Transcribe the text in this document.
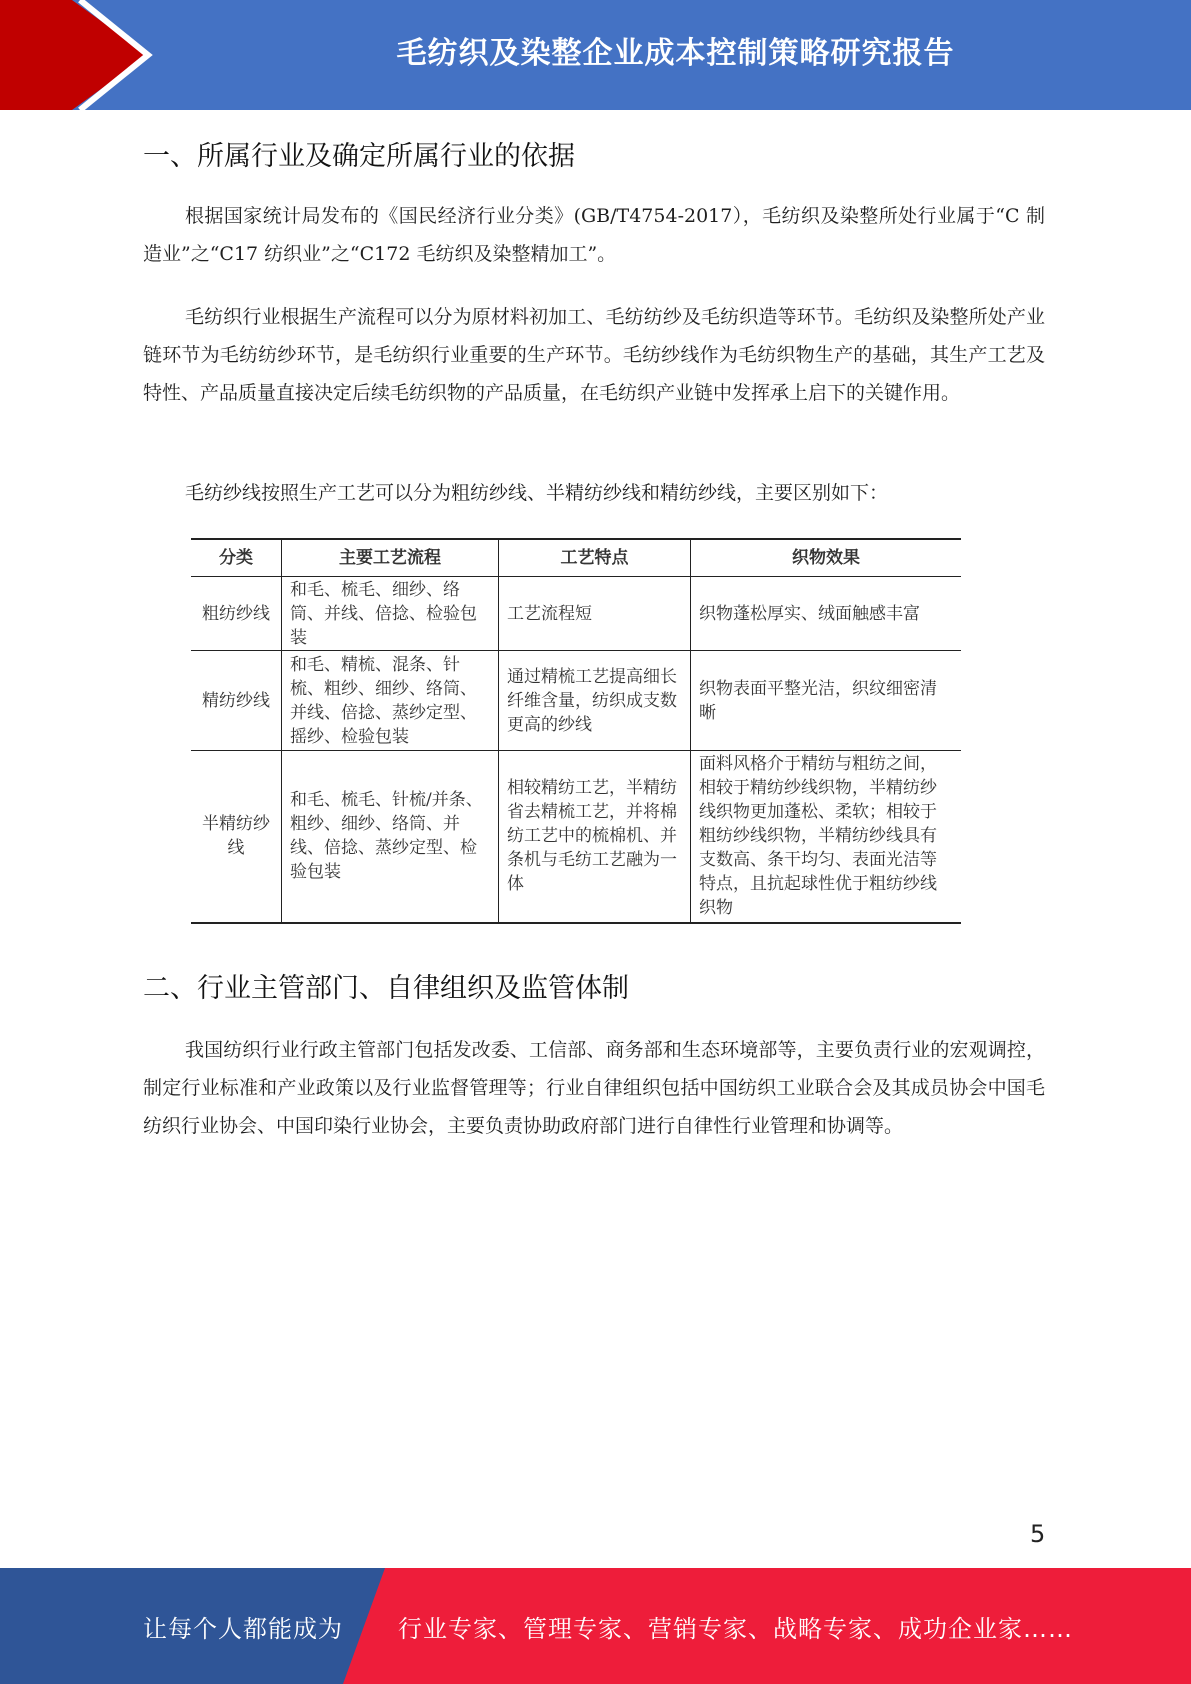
毛纺织及染整企业成本控制策略研究报告
一、所属行业及确定所属行业的依据

根据国家统计局发布的《国民经济行业分类》(GB/T4754-2017），毛纺织及染整所处行业属于“C 制造业”之“C17 纺织业”之“C172 毛纺织及染整精加工”。

毛纺织行业根据生产流程可以分为原材料初加工、毛纺纺纱及毛纺织造等环节。毛纺织及染整所处产业链环节为毛纺纺纱环节，是毛纺织行业重要的生产环节。毛纺纱线作为毛纺织物生产的基础，其生产工艺及特性、产品质量直接决定后续毛纺织物的产品质量，在毛纺织产业链中发挥承上启下的关键作用。

毛纺纱线按照生产工艺可以分为粗纺纱线、半精纺纱线和精纺纱线，主要区别如下：

分类	主要工艺流程	工艺特点	织物效果
粗纺纱线	和毛、梳毛、细纱、络筒、并线、倍捻、检验包装	工艺流程短	织物蓬松厚实、绒面触感丰富
精纺纱线	和毛、精梳、混条、针梳、粗纱、细纱、络筒、并线、倍捻、蒸纱定型、摇纱、检验包装	通过精梳工艺提高细长纤维含量，纺织成支数更高的纱线	织物表面平整光洁，织纹细密清晰
半精纺纱线	和毛、梳毛、针梳/并条、粗纱、细纱、络筒、并线、倍捻、蒸纱定型、检验包装	相较精纺工艺，半精纺省去精梳工艺，并将棉纺工艺中的梳棉机、并条机与毛纺工艺融为一体	面料风格介于精纺与粗纺之间，相较于精纺纱线织物，半精纺纱线织物更加蓬松、柔软；相较于粗纺纱线织物，半精纺纱线具有支数高、条干均匀、表面光洁等特点，且抗起球性优于粗纺纱线织物
二、行业主管部门、自律组织及监管体制

我国纺织行业行政主管部门包括发改委、工信部、商务部和生态环境部等，主要负责行业的宏观调控，制定行业标准和产业政策以及行业监督管理等；行业自律组织包括中国纺织工业联合会及其成员协会中国毛纺织行业协会、中国印染行业协会，主要负责协助政府部门进行自律性行业管理和协调等。

5
让每个人都能成为 行业专家、管理专家、营销专家、战略专家、成功企业家……
